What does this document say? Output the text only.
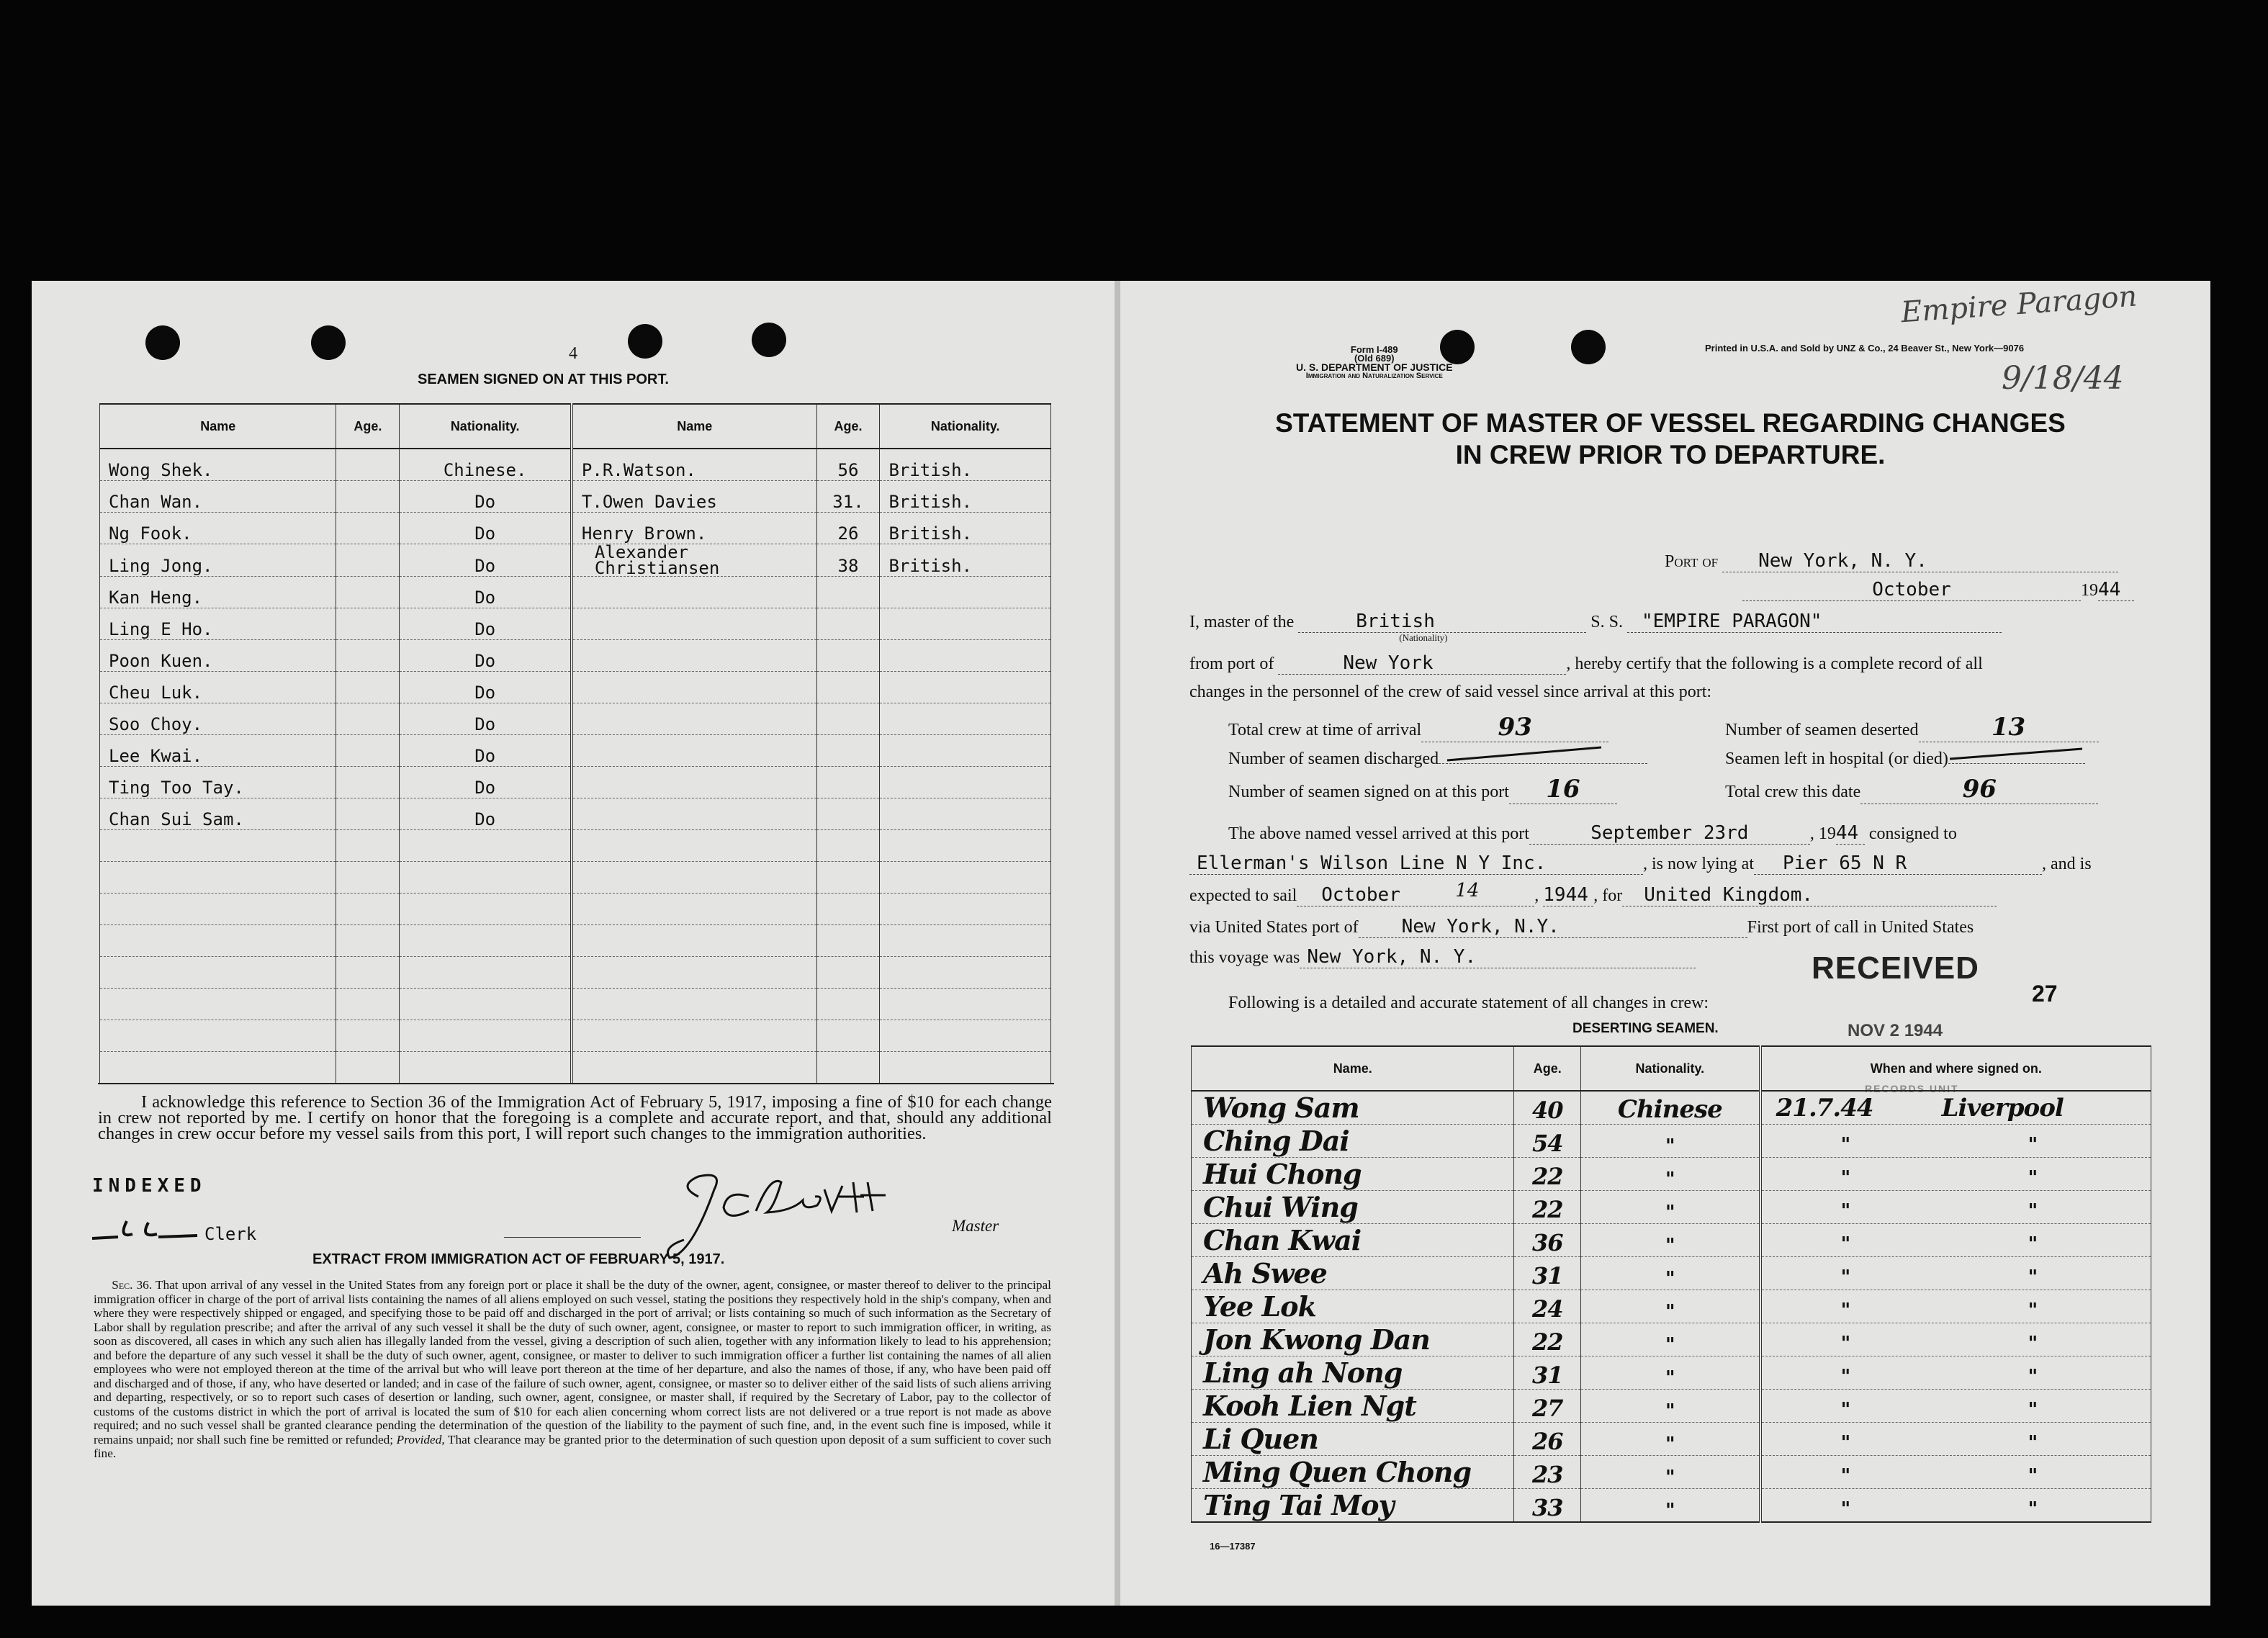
4
SEAMEN SIGNED ON AT THIS PORT.
Name	Age.	Nationality.	Name	Age.	Nationality.
Wong Shek.		Chinese.	P.R.Watson.	56	British.
Chan Wan.		Do	T.Owen Davies	31.	British.
Ng Fook.		Do	Henry Brown.	26	British.
Ling Jong.		Do	Alexander Christiansen	38	British.
Kan Heng.		Do			
Ling E Ho.		Do			
Poon Kuen.		Do			
Cheu Luk.		Do			
Soo Choy.		Do			
Lee Kwai.		Do			
Ting Too Tay.		Do			
Chan Sui Sam.		Do			

I acknowledge this reference to Section 36 of the Immigration Act of February 5, 1917, imposing a fine of $10 for each change in crew not reported by me. I certify on honor that the foregoing is a complete and accurate report, and that, should any additional changes in crew occur before my vessel sails from this port, I will report such changes to the immigration authorities.
INDEXED
Clerk	Master
EXTRACT FROM IMMIGRATION ACT OF FEBRUARY 5, 1917.
Sec. 36. That upon arrival of any vessel in the United States from any foreign port or place it shall be the duty of the owner, agent, consignee, or master thereof to deliver to the principal immigration officer in charge of the port of arrival lists containing the names of all aliens employed on such vessel, stating the positions they respectively hold in the ship's company, when and where they were respectively shipped or engaged, and specifying those to be paid off and discharged in the port of arrival; or lists containing so much of such information as the Secretary of Labor shall by regulation prescribe; and after the arrival of any such vessel it shall be the duty of such owner, agent, consignee, or master to report to such immigration officer, in writing, as soon as discovered, all cases in which any such alien has illegally landed from the vessel, giving a description of such alien, together with any information likely to lead to his apprehension; and before the departure of any such vessel it shall be the duty of such owner, agent, consignee, or master to deliver to such immigration officer a further list containing the names of all alien employees who were not employed thereon at the time of the arrival but who will leave port thereon at the time of her departure, and also the names of those, if any, who have been paid off and discharged and of those, if any, who have deserted or landed; and in case of the failure of such owner, agent, consignee, or master so to deliver either of the said lists of such aliens arriving and departing, respectively, or so to report such cases of desertion or landing, such owner, agent, consignee, or master shall, if required by the Secretary of Labor, pay to the collector of customs of the customs district in which the port of arrival is located the sum of $10 for each alien concerning whom correct lists are not delivered or a true report is not made as above required; and no such vessel shall be granted clearance pending the determination of the question of the liability to the payment of such fine, and, in the event such fine is imposed, while it remains unpaid; nor shall such fine be remitted or refunded; Provided, That clearance may be granted prior to the determination of such question upon deposit of a sum sufficient to cover such fine.
Form I-489
(Old 689)
U. S. DEPARTMENT OF JUSTICE
Immigration and Naturalization Service
Printed in U.S.A. and Sold by UNZ & Co., 24 Beaver St., New York—9076
Empire Paragon
9/18/44
STATEMENT OF MASTER OF VESSEL REGARDING CHANGES
IN CREW PRIOR TO DEPARTURE.
Port of New York, N. Y.
October	1944
I, master of the	British
(Nationality)
S. S. "EMPIRE PARAGON"
from port of	New York	, hereby certify that the following is a complete record of all
changes in the personnel of the crew of said vessel since arrival at this port:
Total crew at time of arrival	93	Number of seamen deserted	13
Number of seamen discharged	Seamen left in hospital (or died)
Number of seamen signed on at this port 16	Total crew this date	96
The above named vessel arrived at this port	September 23rd	, 1944 consigned to
Ellerman's Wilson Line N Y Inc.	, is now lying at Pier 65 N R	, and is
expected to sail October	14	, 1944 , for United Kingdom.
via United States port of New York, N.Y.	First port of call in United States
this voyage was New York, N. Y.	RECEIVED
27
Following is a detailed and accurate statement of all changes in crew:
DESERTING SEAMEN.	NOV 2 1944
RECORDS UNIT
Name.	Age.	Nationality.	When and where signed on.
Wong Sam	40	Chinese	21.7.44 Liverpool

Ching Dai	54	"	" "

Hui Chong	22	"	" "

Chui Wing	22	"	" "

Chan Kwai	36	"	" "

Ah Swee	31	"	" "

Yee Lok	24	"	" "

Jon Kwong Dan	22	"	" "

Ling ah Nong	31	"	" "

Kooh Lien Ngt	27	"	" "

Li Quen	26	"	" "

Ming Quen Chong	23	"	" "

Ting Tai Moy	33	"	" "
16—17387
